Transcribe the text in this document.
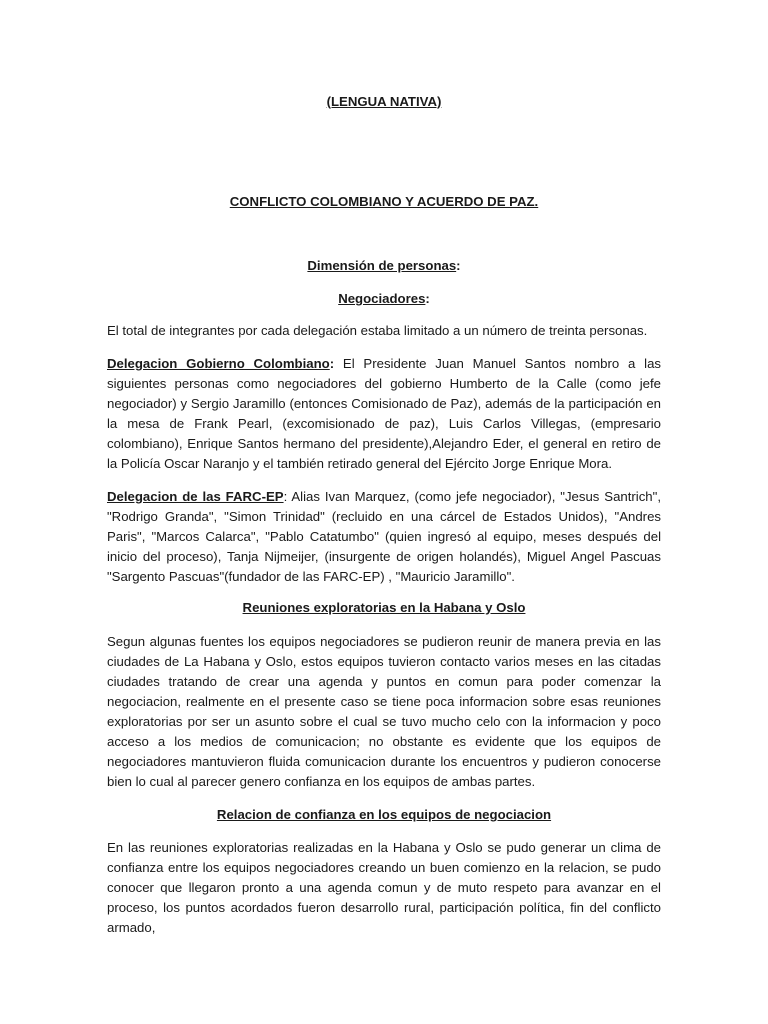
(LENGUA NATIVA)
CONFLICTO COLOMBIANO Y ACUERDO DE PAZ.
Dimensión de personas:
Negociadores:

El total de integrantes por cada delegación estaba limitado a un número de treinta personas.

Delegacion Gobierno Colombiano: El Presidente Juan Manuel Santos nombro a las siguientes personas como negociadores del gobierno Humberto de la Calle (como jefe negociador) y Sergio Jaramillo (entonces Comisionado de Paz), además de la participación en la mesa de Frank Pearl, (excomisionado de paz), Luis Carlos Villegas, (empresario colombiano), Enrique Santos hermano del presidente),Alejandro Eder, el general en retiro de la Policía Oscar Naranjo y el también retirado general del Ejército Jorge Enrique Mora.

Delegacion de las FARC-EP: Alias Ivan Marquez, (como jefe negociador), "Jesus Santrich", "Rodrigo Granda", "Simon Trinidad" (recluido en una cárcel de Estados Unidos), "Andres Paris", "Marcos Calarca", "Pablo Catatumbo" (quien ingresó al equipo, meses después del inicio del proceso), Tanja Nijmeijer, (insurgente de origen holandés), Miguel Angel Pascuas "Sargento Pascuas"(fundador de las FARC-EP) , "Mauricio Jaramillo".

Reuniones exploratorias en la Habana y Oslo

Segun algunas fuentes los equipos negociadores se pudieron reunir de manera previa en las ciudades de La Habana y Oslo, estos equipos tuvieron contacto varios meses en las citadas ciudades tratando de crear una agenda y puntos en comun para poder comenzar la negociacion, realmente en el presente caso se tiene poca informacion sobre esas reuniones exploratorias por ser un asunto sobre el cual se tuvo mucho celo con la informacion y poco acceso a los medios de comunicacion; no obstante es evidente que los equipos de negociadores mantuvieron fluida comunicacion durante los encuentros y pudieron conocerse bien lo cual al parecer genero confianza en los equipos de ambas partes.

Relacion de confianza en los equipos de negociacion

En las reuniones exploratorias realizadas en la Habana y Oslo se pudo generar un clima de confianza entre los equipos negociadores creando un buen comienzo en la relacion, se pudo conocer que llegaron pronto a una agenda comun y de muto respeto para avanzar en el proceso, los puntos acordados fueron desarrollo rural, participación política, fin del conflicto armado,
